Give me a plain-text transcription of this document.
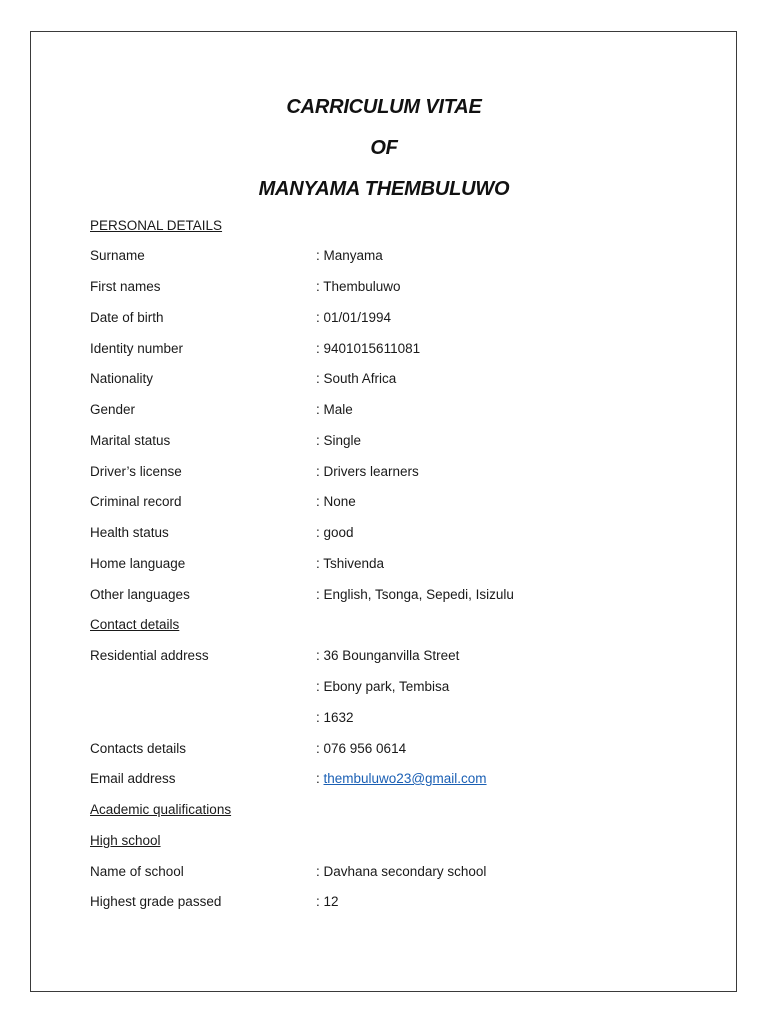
CARRICULUM VITAE
OF
MANYAMA THEMBULUWO
PERSONAL DETAILS
Surname	: Manyama
First names	: Thembuluwo
Date of birth	: 01/01/1994
Identity number	: 9401015611081
Nationality	: South Africa
Gender	: Male
Marital status	: Single
Driver’s license	: Drivers learners
Criminal record	: None
Health status	: good
Home language	: Tshivenda
Other languages	: English, Tsonga, Sepedi, Isizulu
Contact details
Residential address	: 36 Bounganvilla Street
: Ebony park, Tembisa
: 1632
Contacts details	: 076 956 0614
Email address	: thembuluwo23@gmail.com
Academic qualifications
High school
Name of school	: Davhana secondary school
Highest grade passed	: 12
